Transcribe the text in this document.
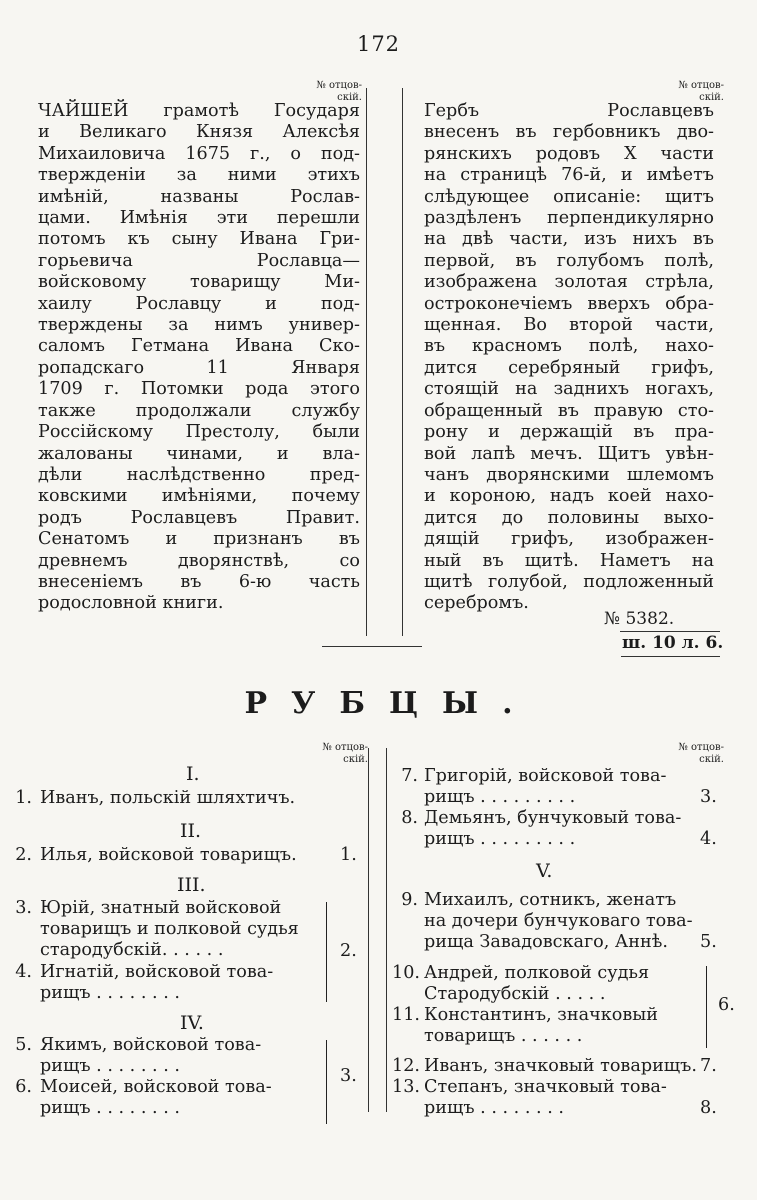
172
№ отцов-
скій.
№ отцов-
скій.
ЧАЙШЕЙ грамотѣ Государя
и Великаго Князя Алексѣя
Михаиловича 1675 г., о под-
твержденіи за ними этихъ
имѣній, названы Рослав-
цами. Имѣнія эти перешли
потомъ къ сыну Ивана Гри-
горьевича Рославца—
войсковому товарищу Ми-
хаилу Рославцу и под-
тверждены за нимъ универ-
саломъ Гетмана Ивана Ско-
ропадскаго 11 Января
1709 г. Потомки рода этого
также продолжали службу
Россійскому Престолу, были
жалованы чинами, и вла-
дѣли наслѣдственно пред-
ковскими имѣніями, почему
родъ Рославцевъ Правит.
Сенатомъ и признанъ въ
древнемъ дворянствѣ, со
внесеніемъ въ 6-ю часть
родословной книги.
Гербъ Рославцевъ
внесенъ въ гербовникъ дво-
рянскихъ родовъ X части
на страницѣ 76-й, и имѣетъ
слѣдующее описаніе: щитъ
раздѣленъ перпендикулярно
на двѣ части, изъ нихъ въ
первой, въ голубомъ полѣ,
изображена золотая стрѣла,
остроконечіемъ вверхъ обра-
щенная. Во второй части,
въ красномъ полѣ, нахо-
дится серебряный грифъ,
стоящій на заднихъ ногахъ,
обращенный въ правую сто-
рону и держащій въ пра-
вой лапѣ мечъ. Щитъ увѣн-
чанъ дворянскими шлемомъ
и короною, надъ коей нахо-
дится до половины выхо-
дящій грифъ, изображен-
ный въ щитѣ. Наметъ на
щитѣ голубой, подложенный
серебромъ.
№ 5382.
ш. 10 л. 6.
РУБЦЫ.
№ отцов-
скій.
№ отцов-
скій.
I.
1. Иванъ, польскій шляхтичъ.
II.
2. Илья, войсковой товарищъ. 1.
III.
3. Юрій, знатный войсковой
товарищъ и полковой судья
стародубскій. . . . . .
4. Игнатій, войсковой това-
рищъ . . . . . . . .
2.
IV.
5. Якимъ, войсковой това-
рищъ . . . . . . . .
6. Моисей, войсковой това-
рищъ . . . . . . . .
3.
7. Григорій, войсковой това-
рищъ . . . . . . . . .	3.
8. Демьянъ, бунчуковый това-
рищъ . . . . . . . . .	4.
V.
9. Михаилъ, сотникъ, женатъ
на дочери бунчуковаго това-
рища Завадовскаго, Аннѣ. 5.
10. Андрей, полковой судья
Стародубскій . . . . .
11. Константинъ, значковый
товарищъ . . . . . .
6.
12. Иванъ, значковый товарищъ. 7.
13. Степанъ, значковый това-
рищъ . . . . . . . .	8.
